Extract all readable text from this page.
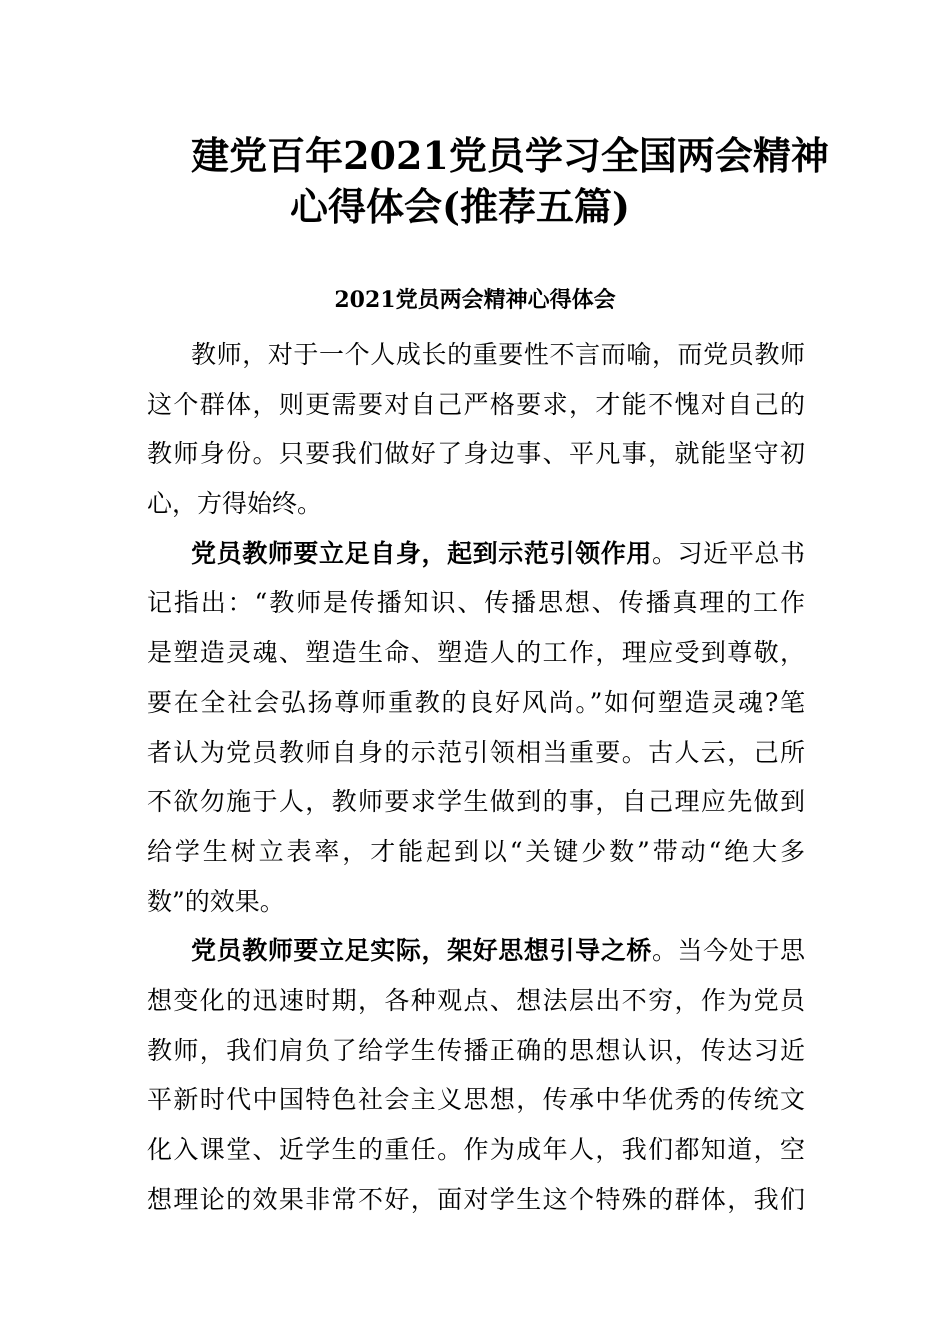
建党百年2021党员学习全国两会精神
心得体会(推荐五篇)
2021党员两会精神心得体会
教师，对于一个人成长的重要性不言而喻，而党员教师
这个群体，则更需要对自己严格要求，才能不愧对自己的
教师身份。只要我们做好了身边事、平凡事，就能坚守初
心，方得始终。
党员教师要立足自身，起到示范引领作用。习近平总书
记指出：“教师是传播知识、传播思想、传播真理的工作
是塑造灵魂、塑造生命、塑造人的工作，理应受到尊敬，
要在全社会弘扬尊师重教的良好风尚。”如何塑造灵魂?笔
者认为党员教师自身的示范引领相当重要。古人云，己所
不欲勿施于人，教师要求学生做到的事，自己理应先做到
给学生树立表率，才能起到以“关键少数”带动“绝大多
数”的效果。
党员教师要立足实际，架好思想引导之桥。当今处于思
想变化的迅速时期，各种观点、想法层出不穷，作为党员
教师，我们肩负了给学生传播正确的思想认识，传达习近
平新时代中国特色社会主义思想，传承中华优秀的传统文
化入课堂、近学生的重任。作为成年人，我们都知道，空
想理论的效果非常不好，面对学生这个特殊的群体，我们
